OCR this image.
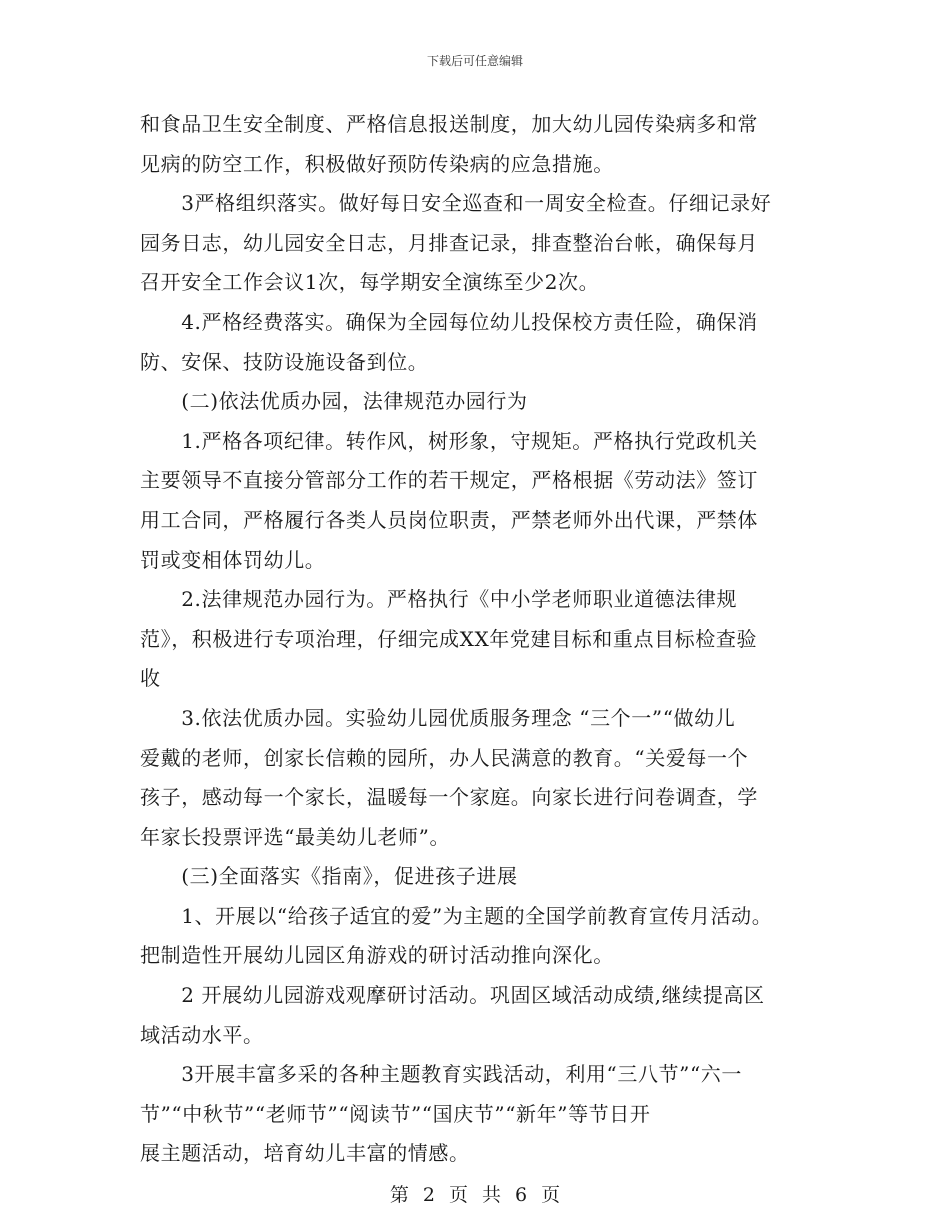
下载后可任意编辑
和食品卫生安全制度、严格信息报送制度，加大幼儿园传染病多和常
见病的防空工作，积极做好预防传染病的应急措施。
　　3严格组织落实。做好每日安全巡查和一周安全检查。仔细记录好
园务日志，幼儿园安全日志，月排查记录，排查整治台帐，确保每月
召开安全工作会议1次，每学期安全演练至少2次。
　　4.严格经费落实。确保为全园每位幼儿投保校方责任险，确保消
防、安保、技防设施设备到位。
　　(二)依法优质办园，法律规范办园行为
　　1.严格各项纪律。转作风，树形象，守规矩。严格执行党政机关
主要领导不直接分管部分工作的若干规定，严格根据《劳动法》签订
用工合同，严格履行各类人员岗位职责，严禁老师外出代课，严禁体
罚或变相体罚幼儿。
　　2.法律规范办园行为。严格执行《中小学老师职业道德法律规
范》，积极进行专项治理，仔细完成XX年党建目标和重点目标检查验
收
　　3.依法优质办园。实验幼儿园优质服务理念 “三个一”“做幼儿
爱戴的老师，创家长信赖的园所，办人民满意的教育。“关爱每一个
孩子，感动每一个家长，温暖每一个家庭。向家长进行问卷调查，学
年家长投票评选“最美幼儿老师”。
　　(三)全面落实《指南》，促进孩子进展
　　1、开展以“给孩子适宜的爱”为主题的全国学前教育宣传月活动。
把制造性开展幼儿园区角游戏的研讨活动推向深化。
　　2 开展幼儿园游戏观摩研讨活动。巩固区域活动成绩,继续提高区
域活动水平。
　　3开展丰富多采的各种主题教育实践活动，利用“三八节”“六一
节”“中秋节”“老师节”“阅读节”“国庆节”“新年”等节日开
展主题活动，培育幼儿丰富的情感。
第 2 页 共 6 页
